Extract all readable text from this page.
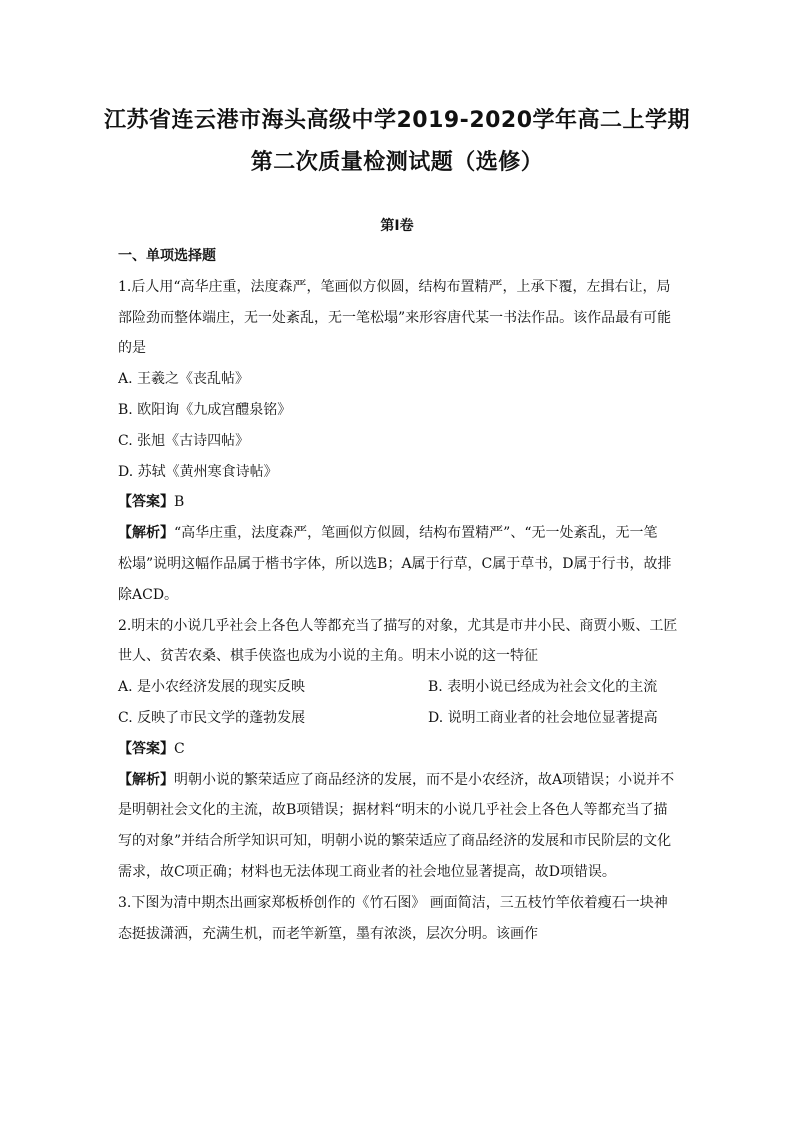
江苏省连云港市海头高级中学2019-2020学年高二上学期
第二次质量检测试题（选修）
第Ⅰ卷
一、单项选择题
1.后人用“高华庄重，法度森严，笔画似方似圆，结构布置精严，上承下覆，左揖右让，局
部险劲而整体端庄，无一处紊乱，无一笔松塌”来形容唐代某一书法作品。该作品最有可能
的是
A. 王羲之《丧乱帖》
B. 欧阳询《九成宫醴泉铭》
C. 张旭《古诗四帖》
D. 苏轼《黄州寒食诗帖》
【答案】B
【解析】“高华庄重，法度森严，笔画似方似圆，结构布置精严”、“无一处紊乱，无一笔
松塌”说明这幅作品属于楷书字体，所以选B；A属于行草，C属于草书，D属于行书，故排
除ACD。
2.明末的小说几乎社会上各色人等都充当了描写的对象，尤其是市井小民、商贾小贩、工匠
世人、贫苦农桑、棋手侠盗也成为小说的主角。明末小说的这一特征
A. 是小农经济发展的现实反映	B. 表明小说已经成为社会文化的主流
C. 反映了市民文学的蓬勃发展	D. 说明工商业者的社会地位显著提高
【答案】C
【解析】明朝小说的繁荣适应了商品经济的发展，而不是小农经济，故A项错误；小说并不
是明朝社会文化的主流，故B项错误；据材料“明末的小说几乎社会上各色人等都充当了描
写的对象”并结合所学知识可知，明朝小说的繁荣适应了商品经济的发展和市民阶层的文化
需求，故C项正确；材料也无法体现工商业者的社会地位显著提高，故D项错误。
3.下图为清中期杰出画家郑板桥创作的《竹石图》 画面简洁，三五枝竹竿依着瘦石一块神
态挺拔潇洒，充满生机，而老竿新篁，墨有浓淡，层次分明。该画作
